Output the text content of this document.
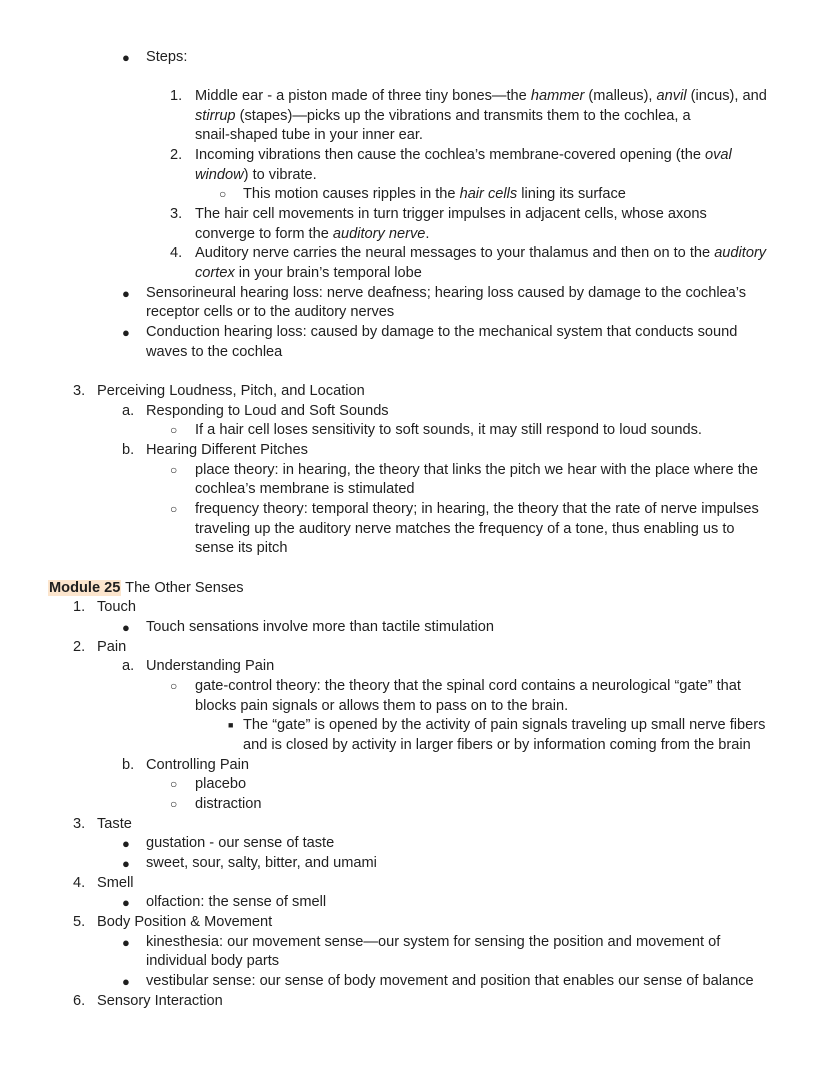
● Steps:
1. Middle ear - a piston made of three tiny bones—the hammer (malleus), anvil (incus), and
stirrup (stapes)—picks up the vibrations and transmits them to the cochlea, a
snail-shaped tube in your inner ear.
2. Incoming vibrations then cause the cochlea’s membrane-covered opening (the oval
window) to vibrate.
○ This motion causes ripples in the hair cells lining its surface
3. The hair cell movements in turn trigger impulses in adjacent cells, whose axons
converge to form the auditory nerve.
4. Auditory nerve carries the neural messages to your thalamus and then on to the auditory
cortex in your brain’s temporal lobe
● Sensorineural hearing loss: nerve deafness; hearing loss caused by damage to the cochlea’s
receptor cells or to the auditory nerves
● Conduction hearing loss: caused by damage to the mechanical system that conducts sound
waves to the cochlea
3. Perceiving Loudness, Pitch, and Location
a. Responding to Loud and Soft Sounds
○ If a hair cell loses sensitivity to soft sounds, it may still respond to loud sounds.
b. Hearing Different Pitches
○ place theory: in hearing, the theory that links the pitch we hear with the place where the
cochlea’s membrane is stimulated
○ frequency theory: temporal theory; in hearing, the theory that the rate of nerve impulses
traveling up the auditory nerve matches the frequency of a tone, thus enabling us to
sense its pitch
Module 25 The Other Senses
1. Touch
● Touch sensations involve more than tactile stimulation
2. Pain
a. Understanding Pain
○ gate-control theory: the theory that the spinal cord contains a neurological “gate” that
blocks pain signals or allows them to pass on to the brain.
■ The “gate” is opened by the activity of pain signals traveling up small nerve fibers
and is closed by activity in larger fibers or by information coming from the brain
b. Controlling Pain
○ placebo
○ distraction
3. Taste
● gustation - our sense of taste
● sweet, sour, salty, bitter, and umami
4. Smell
● olfaction: the sense of smell
5. Body Position & Movement
● kinesthesia: our movement sense—our system for sensing the position and movement of
individual body parts
● vestibular sense: our sense of body movement and position that enables our sense of balance
6. Sensory Interaction
